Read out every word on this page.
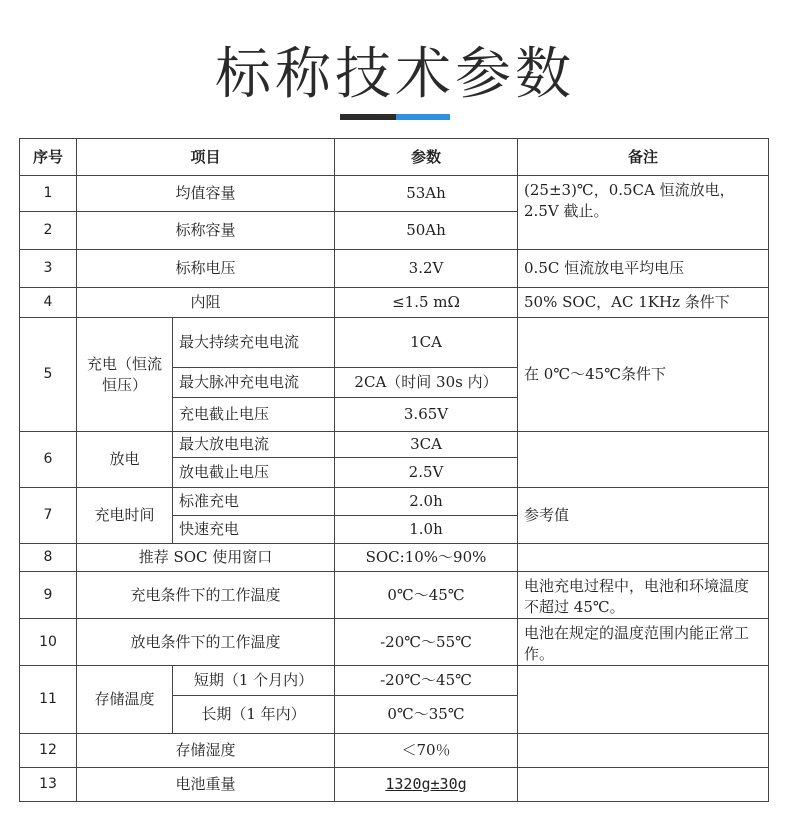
标称技术参数
序号	项目		参数	备注
1	均值容量		53Ah	(25±3)℃，0.5CA 恒流放电，2.5V 截止。
2	标称容量		50Ah	
3	标称电压		3.2V	0.5C 恒流放电平均电压
4	内阻		≤1.5 mΩ	50% SOC，AC 1KHz 条件下
5	充电（恒流恒压）	最大持续充电电流	1CA	在 0℃～45℃条件下
		最大脉冲充电电流	2CA（时间 30s 内）	
		充电截止电压	3.65V	
6	放电	最大放电电流	3CA	
		放电截止电压	2.5V	
7	充电时间	标准充电	2.0h	参考值
		快速充电	1.0h	
8	推荐 SOC 使用窗口		SOC:10%～90%	
9	充电条件下的工作温度		0℃～45℃	电池充电过程中，电池和环境温度不超过 45℃。
10	放电条件下的工作温度		-20℃～55℃	电池在规定的温度范围内能正常工作。
11	存储温度	短期（1 个月内）	-20℃～45℃	
		长期（1 年内）	0℃～35℃	
12	存储湿度		＜70％	
13	电池重量		1320g±30g	
